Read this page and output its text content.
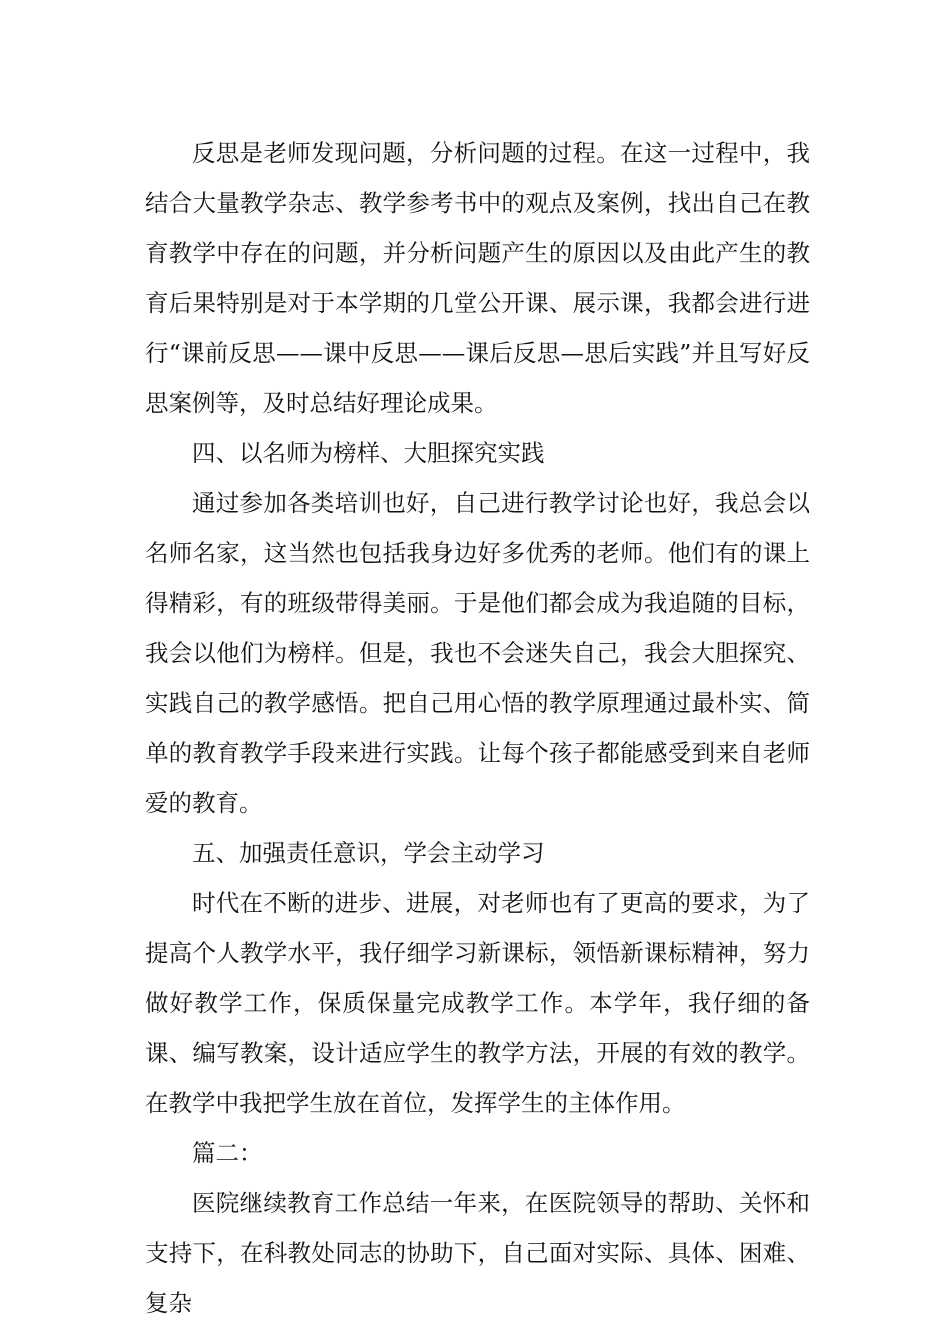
反思是老师发现问题，分析问题的过程。在这一过程中，我结合大量教学杂志、教学参考书中的观点及案例，找出自己在教育教学中存在的问题，并分析问题产生的原因以及由此产生的教育后果特别是对于本学期的几堂公开课、展示课，我都会进行进行“课前反思——课中反思——课后反思—思后实践”并且写好反思案例等，及时总结好理论成果。

四、以名师为榜样、大胆探究实践

通过参加各类培训也好，自己进行教学讨论也好，我总会以名师名家，这当然也包括我身边好多优秀的老师。他们有的课上得精彩，有的班级带得美丽。于是他们都会成为我追随的目标，我会以他们为榜样。但是，我也不会迷失自己，我会大胆探究、实践自己的教学感悟。把自己用心悟的教学原理通过最朴实、简单的教育教学手段来进行实践。让每个孩子都能感受到来自老师爱的教育。

五、加强责任意识，学会主动学习

时代在不断的进步、进展，对老师也有了更高的要求，为了提高个人教学水平，我仔细学习新课标，领悟新课标精神，努力做好教学工作，保质保量完成教学工作。本学年，我仔细的备课、编写教案，设计适应学生的教学方法，开展的有效的教学。在教学中我把学生放在首位，发挥学生的主体作用。

篇二：

医院继续教育工作总结一年来，在医院领导的帮助、关怀和支持下，在科教处同志的协助下，自己面对实际、具体、困难、复杂
